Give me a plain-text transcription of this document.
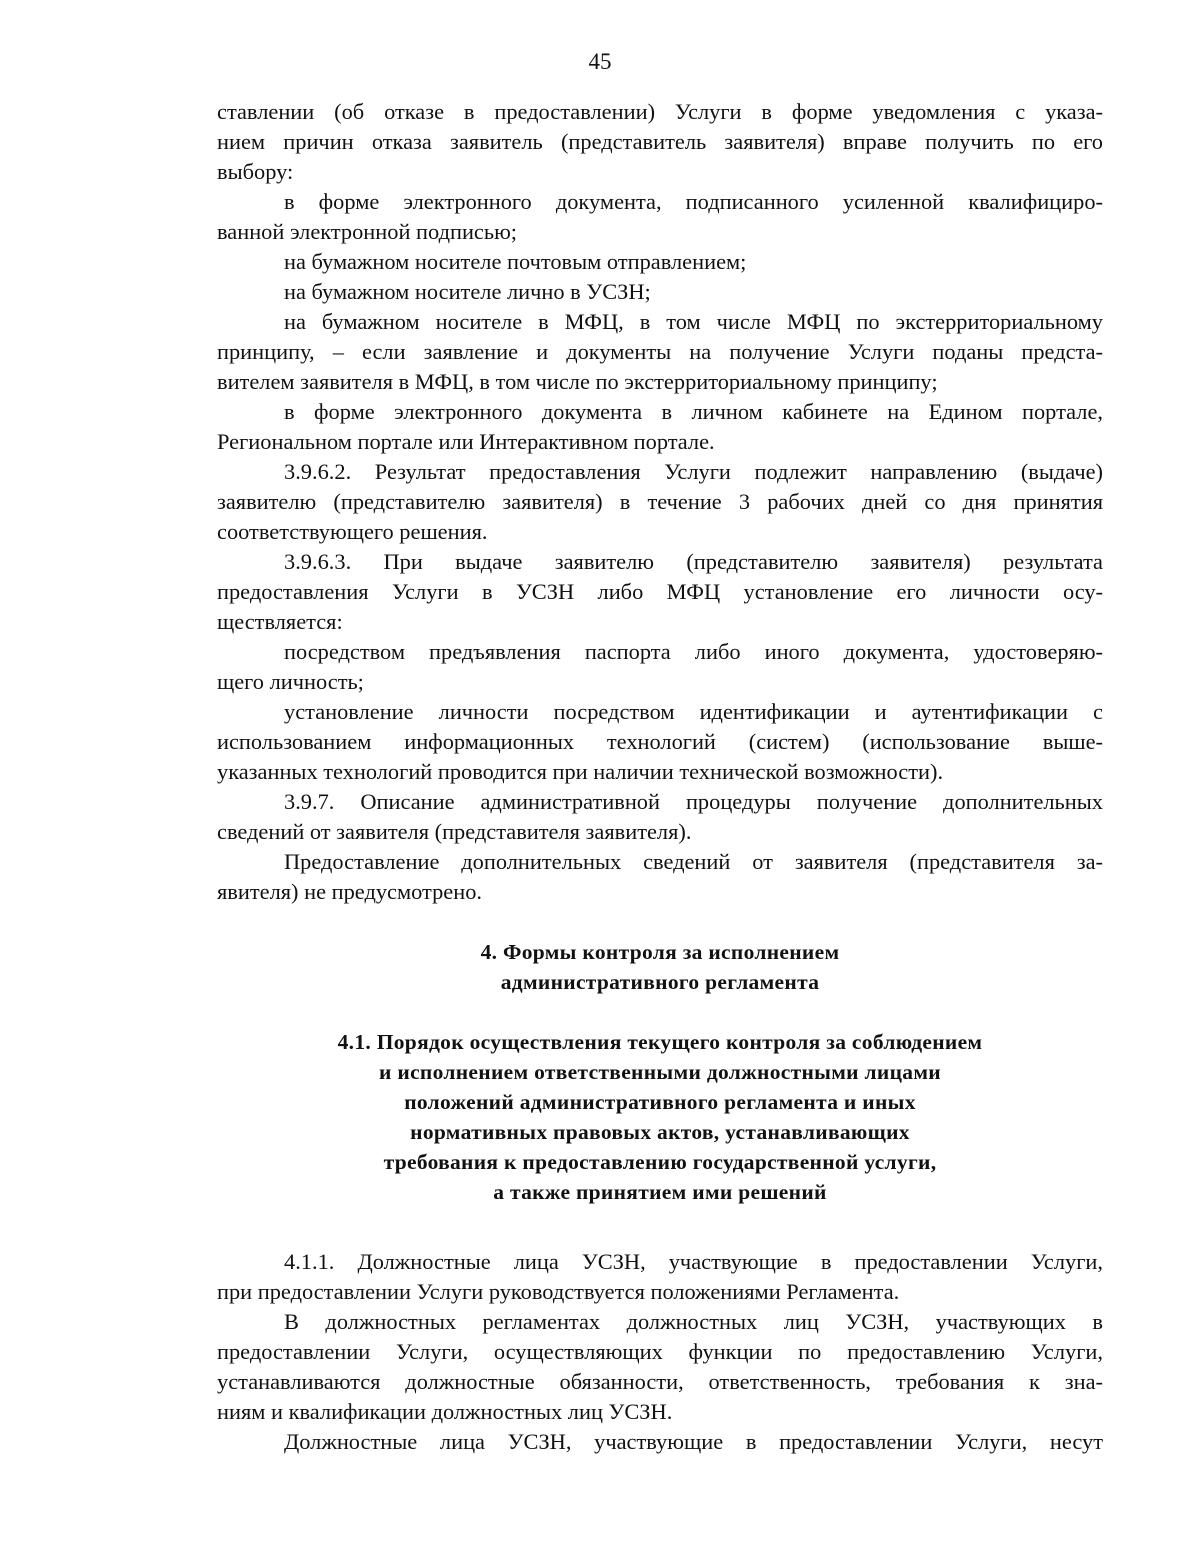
45
ставлении (об отказе в предоставлении) Услуги в форме уведомления с указа-
нием причин отказа заявитель (представитель заявителя) вправе получить по его
выбору:
в форме электронного документа, подписанного усиленной квалифициро-
ванной электронной подписью;
на бумажном носителе почтовым отправлением;
на бумажном носителе лично в УСЗН;
на бумажном носителе в МФЦ, в том числе МФЦ по экстерриториальному
принципу, – если заявление и документы на получение Услуги поданы предста-
вителем заявителя в МФЦ, в том числе по экстерриториальному принципу;
в форме электронного документа в личном кабинете на Едином портале,
Региональном портале или Интерактивном портале.
3.9.6.2. Результат предоставления Услуги подлежит направлению (выдаче)
заявителю (представителю заявителя) в течение 3 рабочих дней со дня принятия
соответствующего решения.
3.9.6.3. При выдаче заявителю (представителю заявителя) результата
предоставления Услуги в УСЗН либо МФЦ установление его личности осу-
ществляется:
посредством предъявления паспорта либо иного документа, удостоверяю-
щего личность;
установление личности посредством идентификации и аутентификации с
использованием информационных технологий (систем) (использование выше-
указанных технологий проводится при наличии технической возможности).
3.9.7. Описание административной процедуры получение дополнительных
сведений от заявителя (представителя заявителя).
Предоставление дополнительных сведений от заявителя (представителя за-
явителя) не предусмотрено.
4. Формы контроля за исполнением
административного регламента
4.1. Порядок осуществления текущего контроля за соблюдением
и исполнением ответственными должностными лицами
положений административного регламента и иных
нормативных правовых актов, устанавливающих
требования к предоставлению государственной услуги,
а также принятием ими решений
4.1.1. Должностные лица УСЗН, участвующие в предоставлении Услуги,
при предоставлении Услуги руководствуется положениями Регламента.
В должностных регламентах должностных лиц УСЗН, участвующих в
предоставлении Услуги, осуществляющих функции по предоставлению Услуги,
устанавливаются должностные обязанности, ответственность, требования к зна-
ниям и квалификации должностных лиц УСЗН.
Должностные лица УСЗН, участвующие в предоставлении Услуги, несут
